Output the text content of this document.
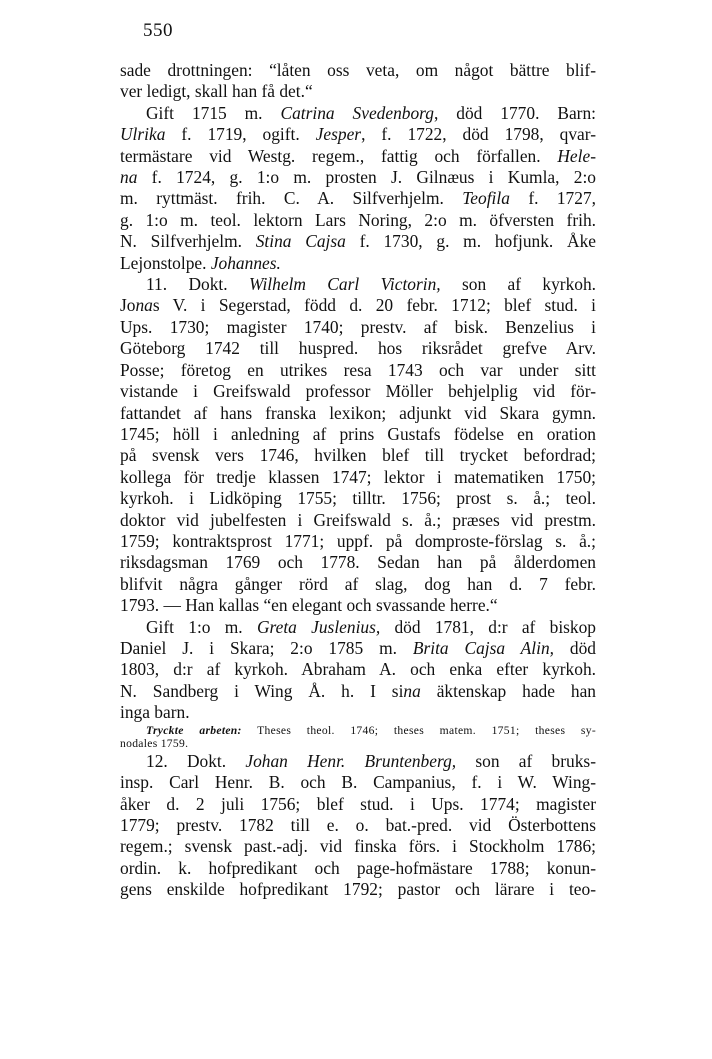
550

sade drottningen: “låten oss veta, om något bättre blif-
ver ledigt, skall han få det.“

Gift 1715 m. Catrina Svedenborg, död 1770. Barn:
Ulrika f. 1719, ogift. Jesper, f. 1722, död 1798, qvar-
termästare vid Westg. regem., fattig och förfallen. Hele-
na f. 1724, g. 1:o m. prosten J. Gilnæus i Kumla, 2:o
m. ryttmäst. frih. C. A. Silfverhjelm. Teofila f. 1727,
g. 1:o m. teol. lektorn Lars Noring, 2:o m. öfversten frih.
N. Silfverhjelm. Stina Cajsa f. 1730, g. m. hofjunk. Åke
Lejonstolpe. Johannes.

11. Dokt. Wilhelm Carl Victorin, son af kyrkoh.
Jonas V. i Segerstad, född d. 20 febr. 1712; blef stud. i
Ups. 1730; magister 1740; prestv. af bisk. Benzelius i
Göteborg 1742 till huspred. hos riksrådet grefve Arv.
Posse; företog en utrikes resa 1743 och var under sitt
vistande i Greifswald professor Möller behjelplig vid för-
fattandet af hans franska lexikon; adjunkt vid Skara gymn.
1745; höll i anledning af prins Gustafs födelse en oration
på svensk vers 1746, hvilken blef till trycket befordrad;
kollega för tredje klassen 1747; lektor i matematiken 1750;
kyrkoh. i Lidköping 1755; tilltr. 1756; prost s. å.; teol.
doktor vid jubelfesten i Greifswald s. å.; præses vid prestm.
1759; kontraktsprost 1771; uppf. på domproste-förslag s. å.;
riksdagsman 1769 och 1778. Sedan han på ålderdomen
blifvit några gånger rörd af slag, dog han d. 7 febr.
1793. — Han kallas “en elegant och svassande herre.“

Gift 1:o m. Greta Juslenius, död 1781, d:r af biskop
Daniel J. i Skara; 2:o 1785 m. Brita Cajsa Alin, död
1803, d:r af kyrkoh. Abraham A. och enka efter kyrkoh.
N. Sandberg i Wing Å. h. I sina äktenskap hade han
inga barn.

Tryckte arbeten: Theses theol. 1746; theses matem. 1751; theses sy-
nodales 1759.

12. Dokt. Johan Henr. Bruntenberg, son af bruks-
insp. Carl Henr. B. och B. Campanius, f. i W. Wing-
åker d. 2 juli 1756; blef stud. i Ups. 1774; magister
1779; prestv. 1782 till e. o. bat.-pred. vid Österbottens
regem.; svensk past.-adj. vid finska förs. i Stockholm 1786;
ordin. k. hofpredikant och page-hofmästare 1788; konun-
gens enskilde hofpredikant 1792; pastor och lärare i teo-
